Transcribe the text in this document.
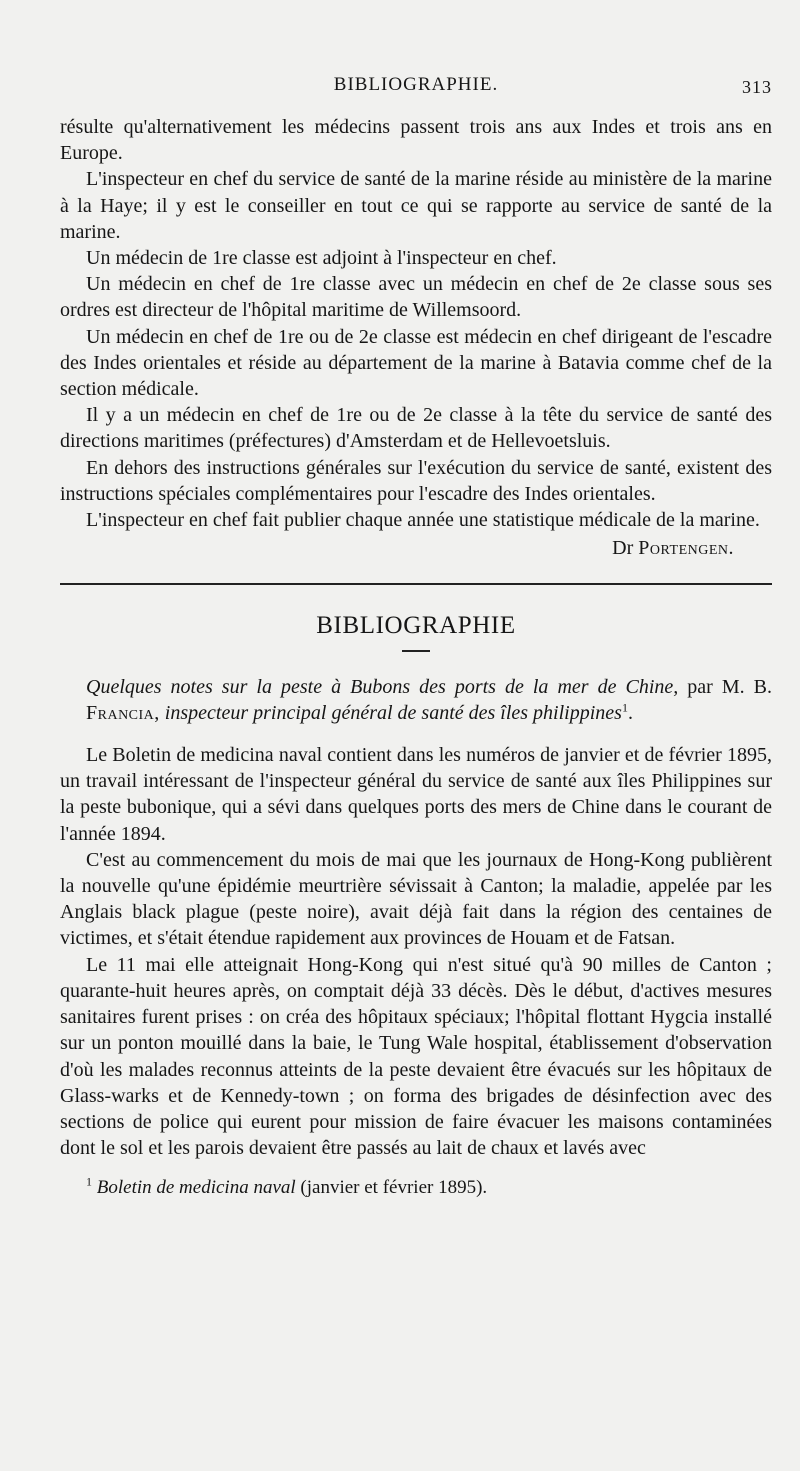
BIBLIOGRAPHIE.	313

résulte qu'alternativement les médecins passent trois ans aux Indes et trois ans en Europe.

L'inspecteur en chef du service de santé de la marine réside au ministère de la marine à la Haye; il y est le conseiller en tout ce qui se rapporte au service de santé de la marine.

Un médecin de 1re classe est adjoint à l'inspecteur en chef.

Un médecin en chef de 1re classe avec un médecin en chef de 2e classe sous ses ordres est directeur de l'hôpital maritime de Willemsoord.

Un médecin en chef de 1re ou de 2e classe est médecin en chef dirigeant de l'escadre des Indes orientales et réside au département de la marine à Batavia comme chef de la section médicale.

Il y a un médecin en chef de 1re ou de 2e classe à la tête du service de santé des directions maritimes (préfectures) d'Amsterdam et de Hellevoetsluis.

En dehors des instructions générales sur l'exécution du service de santé, existent des instructions spéciales complémentaires pour l'escadre des Indes orientales.

L'inspecteur en chef fait publier chaque année une statistique médicale de la marine.

Dr Portengen.

BIBLIOGRAPHIE

Quelques notes sur la peste à Bubons des ports de la mer de Chine, par M. B. Francia, inspecteur principal général de santé des îles philippines$^1$.

Le Boletin de medicina naval contient dans les numéros de janvier et de février 1895, un travail intéressant de l'inspecteur général du service de santé aux îles Philippines sur la peste bubonique, qui a sévi dans quelques ports des mers de Chine dans le courant de l'année 1894.

C'est au commencement du mois de mai que les journaux de Hong-Kong publièrent la nouvelle qu'une épidémie meurtrière sévissait à Canton; la maladie, appelée par les Anglais black plague (peste noire), avait déjà fait dans la région des centaines de victimes, et s'était étendue rapidement aux provinces de Houam et de Fatsan.

Le 11 mai elle atteignait Hong-Kong qui n'est situé qu'à 90 milles de Canton ; quarante-huit heures après, on comptait déjà 33 décès. Dès le début, d'actives mesures sanitaires furent prises : on créa des hôpitaux spéciaux; l'hôpital flottant Hygcia installé sur un ponton mouillé dans la baie, le Tung Wale hospital, établissement d'observation d'où les malades reconnus atteints de la peste devaient être évacués sur les hôpitaux de Glass-warks et de Kennedy-town ; on forma des brigades de désinfection avec des sections de police qui eurent pour mission de faire évacuer les maisons contaminées dont le sol et les parois devaient être passés au lait de chaux et lavés avec

$^1$ Boletin de medicina naval (janvier et février 1895).
